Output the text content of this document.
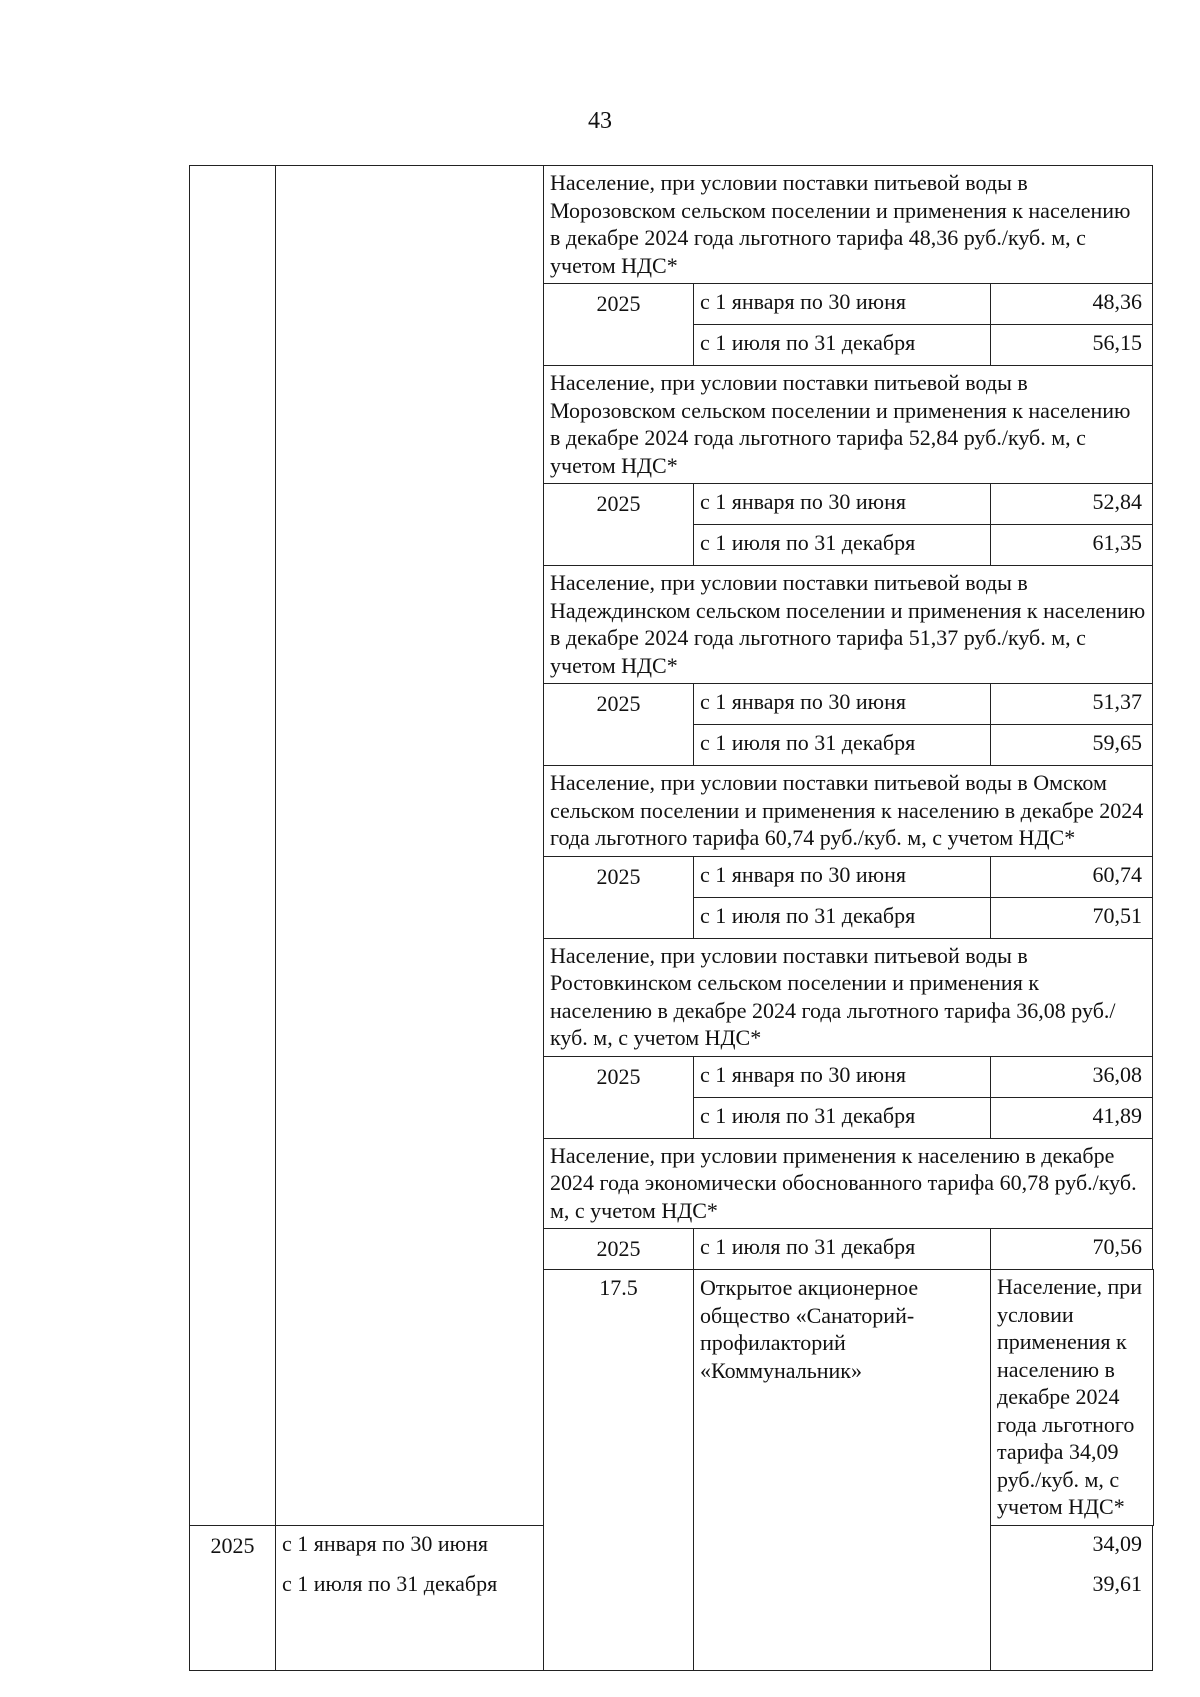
43
		Население, при условии поставки питьевой воды в Морозовском сельском поселении и применения к населению в декабре 2024 года льготного тарифа 48,36 руб./куб. м, с учетом НДС*		
		2025	с 1 января по 30 июня	48,36
			с 1 июля по 31 декабря	56,15
		Население, при условии поставки питьевой воды в Морозовском сельском поселении и применения к населению в декабре 2024 года льготного тарифа 52,84 руб./куб. м, с учетом НДС*		
		2025	с 1 января по 30 июня	52,84
			с 1 июля по 31 декабря	61,35
		Население, при условии поставки питьевой воды в Надеждинском сельском поселении и применения к населению в декабре 2024 года льготного тарифа 51,37 руб./куб. м, с учетом НДС*		
		2025	с 1 января по 30 июня	51,37
			с 1 июля по 31 декабря	59,65
		Население, при условии поставки питьевой воды в Омском сельском поселении и применения к населению в декабре 2024 года льготного тарифа 60,74 руб./куб. м, с учетом НДС*		
		2025	с 1 января по 30 июня	60,74
			с 1 июля по 31 декабря	70,51
		Население, при условии поставки питьевой воды в Ростовкинском сельском поселении и применения к населению в декабре 2024 года льготного тарифа 36,08 руб./куб. м, с учетом НДС*		
		2025	с 1 января по 30 июня	36,08
			с 1 июля по 31 декабря	41,89
		Население, при условии применения к населению в декабре 2024 года экономически обоснованного тарифа 60,78 руб./куб. м, с учетом НДС*		
		2025	с 1 июля по 31 декабря	70,56
		17.5	Открытое акционерное общество «Санаторий-профилакторий «Коммунальник»	Население, при условии применения к населению в декабре 2024 года льготного тарифа 34,09 руб./куб. м, с учетом НДС*
2025	с 1 января по 30 июня			34,09
	с 1 июля по 31 декабря			39,61
